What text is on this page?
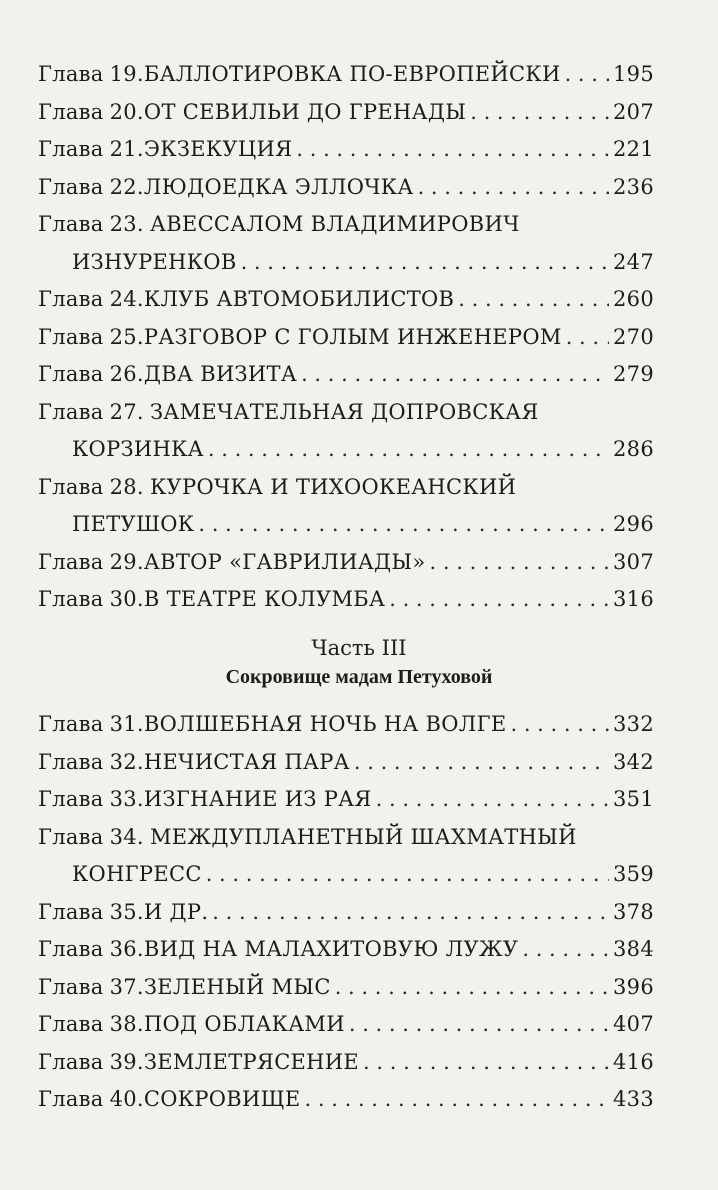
Глава 19. БАЛЛОТИРОВКА ПО-ЕВРОПЕЙСКИ . . . 195
Глава 20. ОТ СЕВИЛЬИ ДО ГРЕНАДЫ . . .	207
Глава 21. ЭКЗЕКУЦИЯ . . .	221
Глава 22. ЛЮДОЕДКА ЭЛЛОЧКА . . .	236
Глава 23. АВЕССАЛОМ ВЛАДИМИРОВИЧ
ИЗНУРЕНКОВ . . .	247
Глава 24. КЛУБ АВТОМОБИЛИСТОВ . . .	260
Глава 25. РАЗГОВОР С ГОЛЫМ ИНЖЕНЕРОМ . . . 270
Глава 26. ДВА ВИЗИТА . . .	279
Глава 27. ЗАМЕЧАТЕЛЬНАЯ ДОПРОВСКАЯ
КОРЗИНКА . . .	286
Глава 28. КУРОЧКА И ТИХООКЕАНСКИЙ
ПЕТУШОК . . .	296
Глава 29. АВТОР «ГАВРИЛИАДЫ» . . .	307
Глава 30. В ТЕАТРЕ КОЛУМБА . . .	316
Часть III
Сокровище мадам Петуховой
Глава 31. ВОЛШЕБНАЯ НОЧЬ НА ВОЛГЕ . . .	332
Глава 32. НЕЧИСТАЯ ПАРА . . .	342
Глава 33. ИЗГНАНИЕ ИЗ РАЯ . . .	351
Глава 34. МЕЖДУПЛАНЕТНЫЙ ШАХМАТНЫЙ
КОНГРЕСС . . .	359
Глава 35. И ДР. . . .	378
Глава 36. ВИД НА МАЛАХИТОВУЮ ЛУЖУ . . .	384
Глава 37. ЗЕЛЕНЫЙ МЫС . . .	396
Глава 38. ПОД ОБЛАКАМИ . . .	407
Глава 39. ЗЕМЛЕТРЯСЕНИЕ . . .	416
Глава 40. СОКРОВИЩЕ . . .	433
